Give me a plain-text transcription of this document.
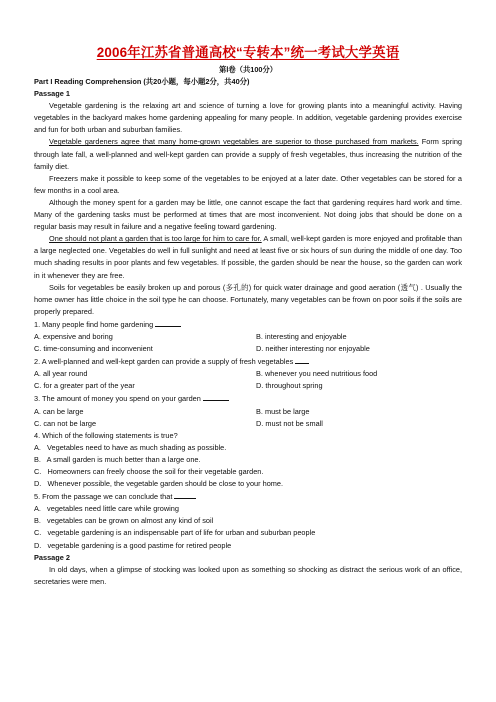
2006年江苏省普通高校“专转本”统一考试大学英语
第Ⅰ卷（共100分）
Part I Reading Comprehension (共20小题，每小题2分，共40分)
Passage 1

Vegetable gardening is the relaxing art and science of turning a love for growing plants into a meaningful activity. Having vegetables in the backyard makes home gardening appealing for many people. In addition, vegetable gardening provides exercise and fun for both urban and suburban families.

Vegetable gardeners agree that many home-grown vegetables are superior to those purchased from markets. Form spring through late fall, a well-planned and well-kept garden can provide a supply of fresh vegetables, thus increasing the nutrition of the family diet.

Freezers make it possible to keep some of the vegetables to be enjoyed at a later date. Other vegetables can be stored for a few months in a cool area.

Although the money spent for a garden may be little, one cannot escape the fact that gardening requires hard work and time. Many of the gardening tasks must be performed at times that are most inconvenient. Not doing jobs that should be done on a regular basis may result in failure and a negative feeling toward gardening.

One should not plant a garden that is too large for him to care for. A small, well-kept garden is more enjoyed and profitable than a large neglected one. Vegetables do well in full sunlight and need at least five or six hours of sun during the middle of one day. Too much shading results in poor plants and few vegetables. If possible, the garden should be near the house, so the garden can work in it whenever they are free.

Soils for vegetables be easily broken up and porous (多孔的) for quick water drainage and good aeration (透气) . Usually the home owner has little choice in the soil type he can choose. Fortunately, many vegetables can be frown on poor soils if the soils are properly prepared.

1. Many people find home gardening
A. expensive and boring	B. interesting and enjoyable
C. time-consuming and inconvenient	D. neither interesting nor enjoyable
2. A well-planned and well-kept garden can provide a supply of fresh vegetables
A. all year round	B. whenever you need nutritious food
C. for a greater part of the year	D. throughout spring
3. The amount of money you spend on your garden
A. can be large	B. must be large
C. can not be large	D. must not be small
4. Which of the following statements is true?
A.   Vegetables need to have as much shading as possible.
B.   A small garden is much better than a large one.
C.   Homeowners can freely choose the soil for their vegetable garden.
D.   Whenever possible, the vegetable garden should be close to your home.
5. From the passage we can conclude that
A.   vegetables need little care while growing
B.   vegetables can be grown on almost any kind of soil
C.   vegetable gardening is an indispensable part of life for urban and suburban people
D.   vegetable gardening is a good pastime for retired people
Passage 2

In old days, when a glimpse of stocking was looked upon as something so shocking as distract the serious work of an office, secretaries were men.
